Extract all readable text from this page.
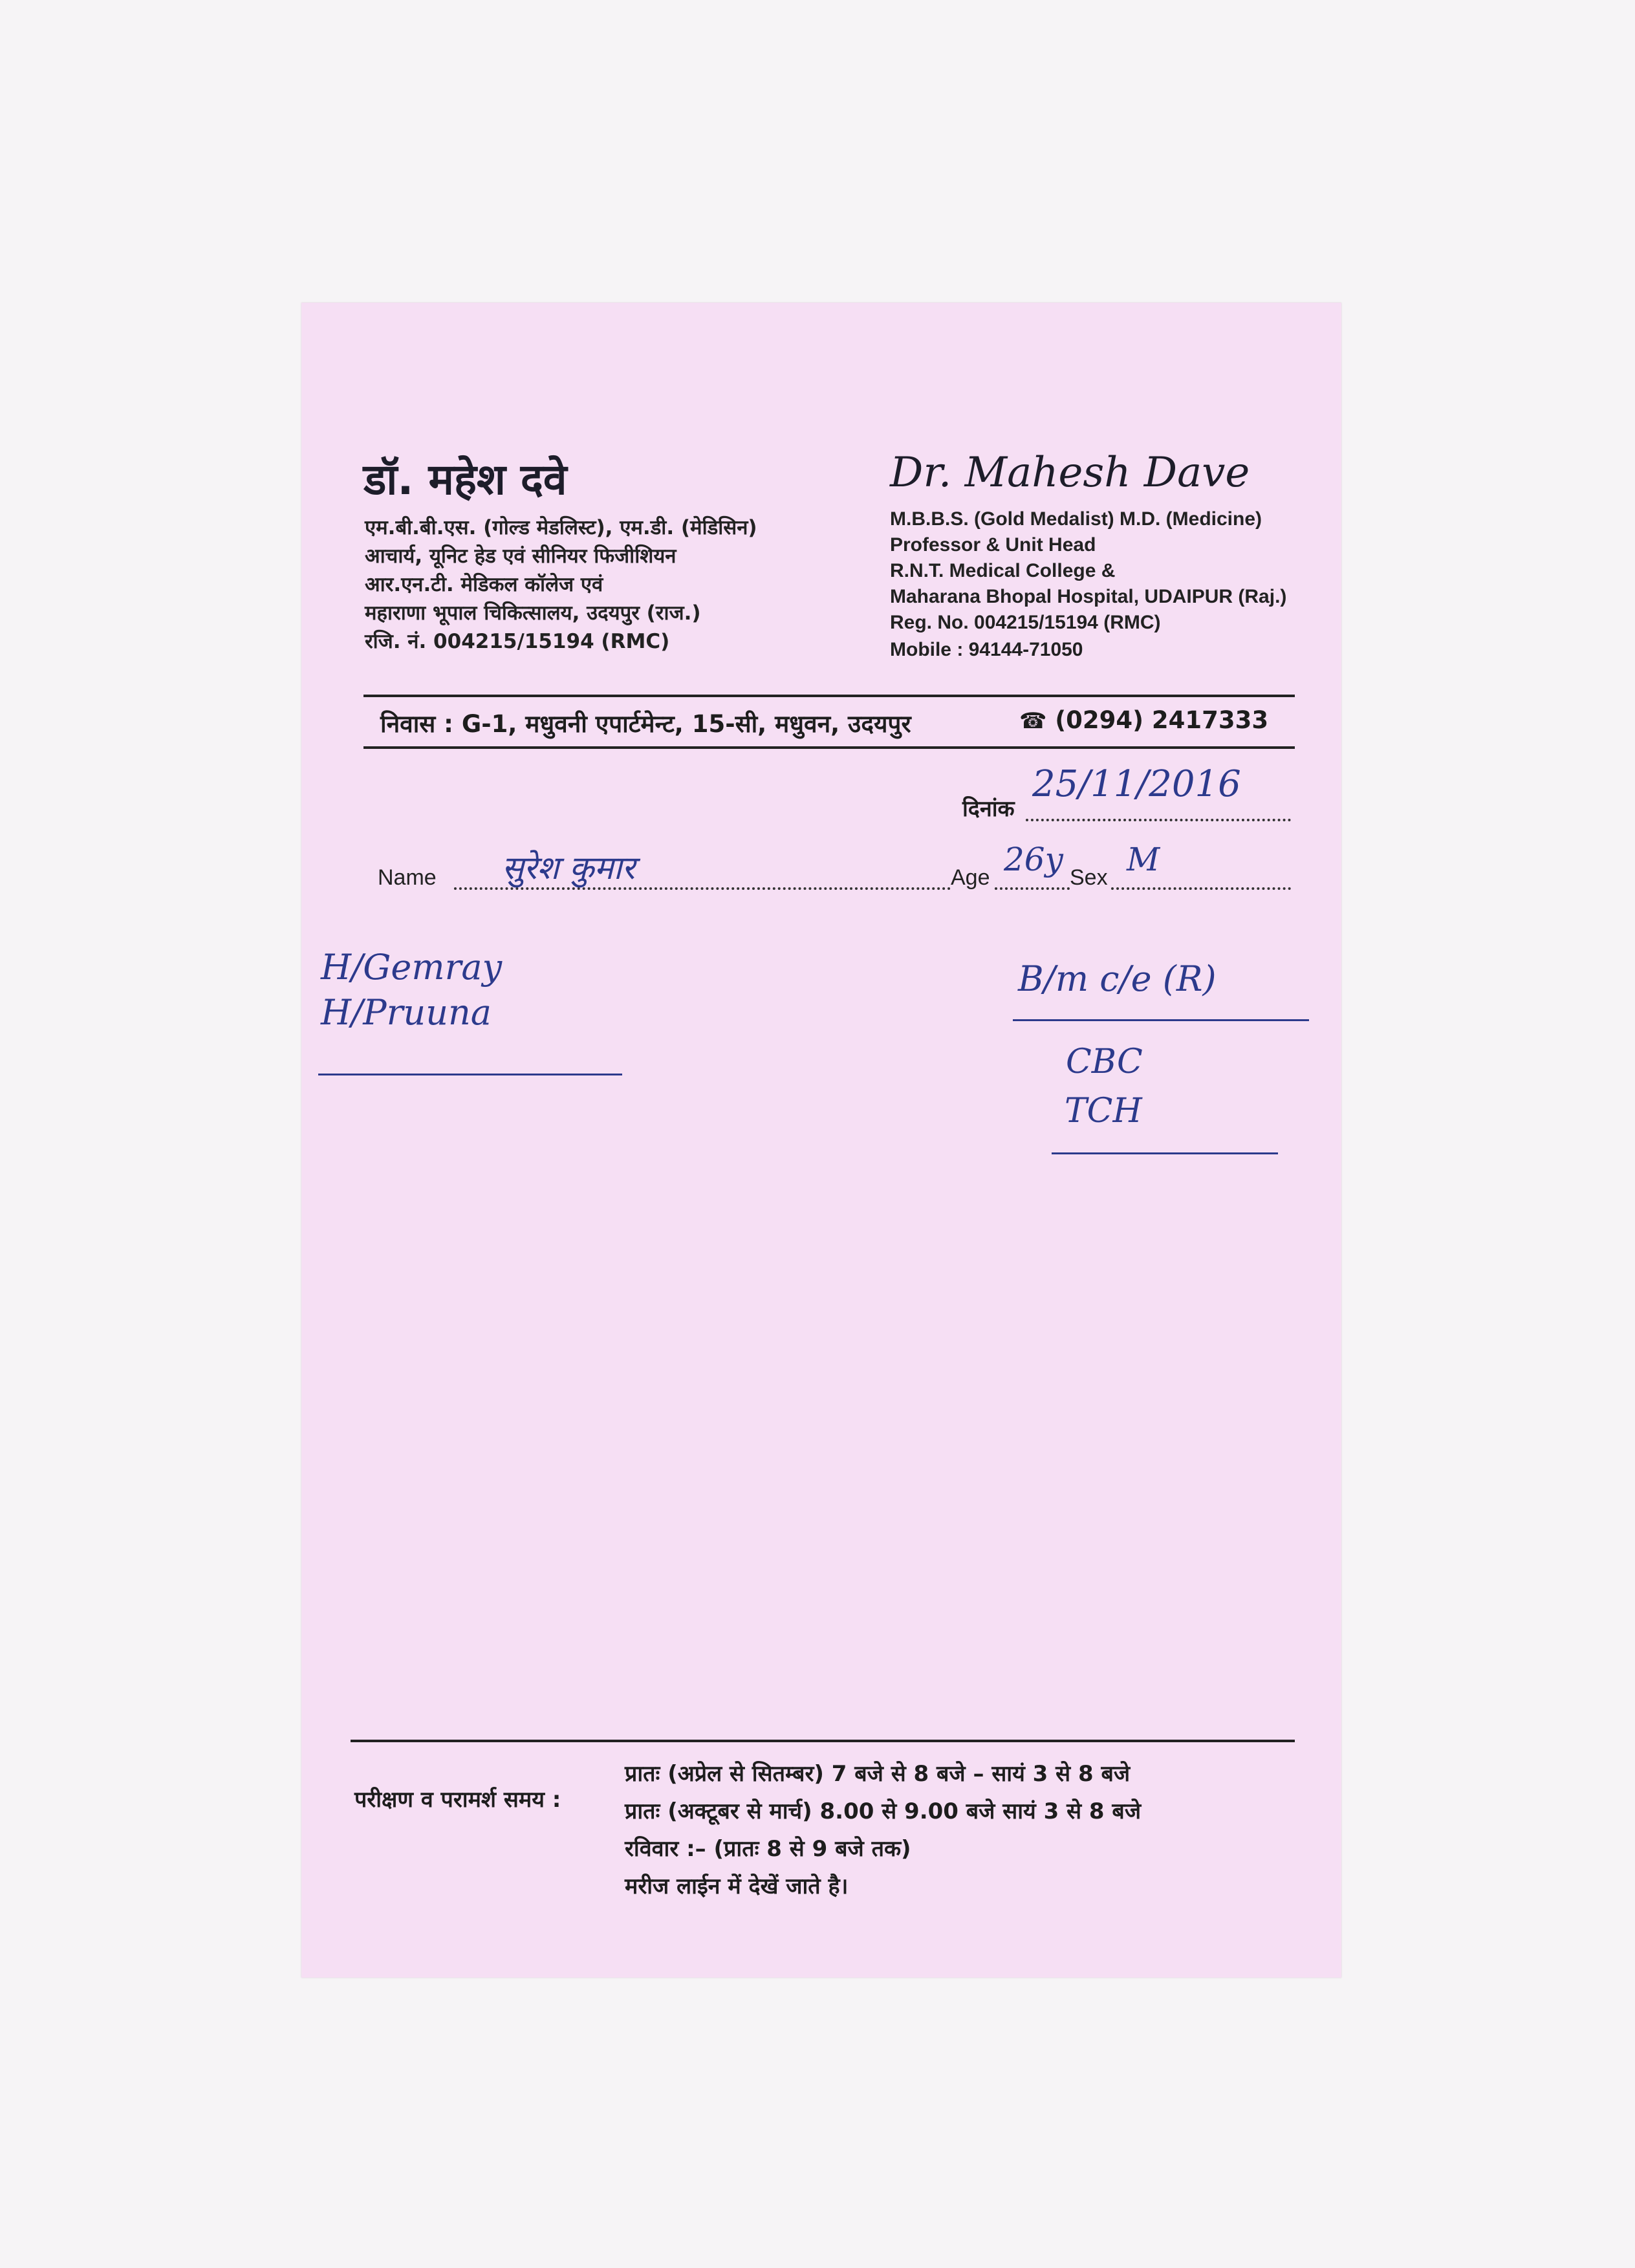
डॉ. महेश दवे
एम.बी.बी.एस. (गोल्ड मेडलिस्ट), एम.डी. (मेडिसिन)
आचार्य, यूनिट हेड एवं सीनियर फिजीशियन
आर.एन.टी. मेडिकल कॉलेज एवं
महाराणा भूपाल चिकित्सालय, उदयपुर (राज.)
रजि. नं. 004215/15194 (RMC)
Dr. Mahesh Dave
M.B.B.S. (Gold Medalist) M.D. (Medicine)
Professor & Unit Head
R.N.T. Medical College &
Maharana Bhopal Hospital, UDAIPUR (Raj.)
Reg. No. 004215/15194 (RMC)
Mobile : 94144-71050
निवास : G-1, मधुवनी एपार्टमेन्ट, 15-सी, मधुवन, उदयपुर	☎ (0294) 2417333
दिनांक
25/11/2016
Name सुरेश कुमार	Age 26y Sex M
H/Gemray
H/Pruuna
B/m c/e (R)
CBC
TCH
परीक्षण व परामर्श समय :
प्रातः (अप्रेल से सितम्बर) 7 बजे से 8 बजे – सायं 3 से 8 बजे
प्रातः (अक्टूबर से मार्च) 8.00 से 9.00 बजे सायं 3 से 8 बजे
रविवार :– (प्रातः 8 से 9 बजे तक)
मरीज लाईन में देखें जाते है।
